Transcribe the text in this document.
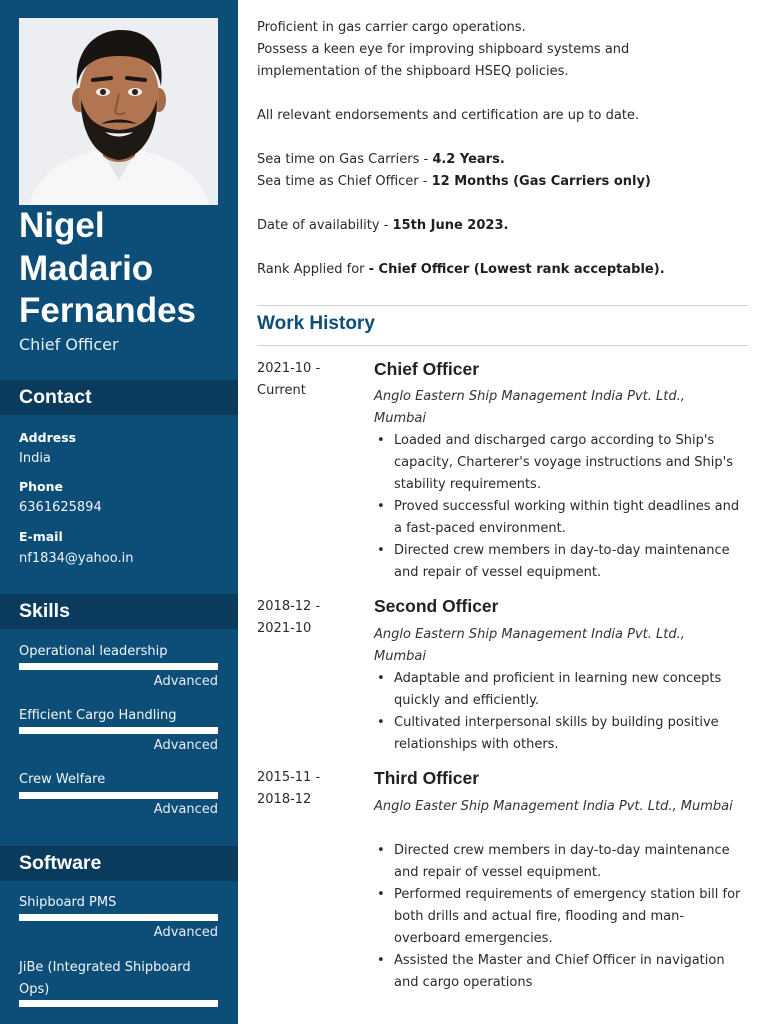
Nigel Madario Fernandes
Chief Officer
Contact
Address
India
Phone
6361625894
E-mail
nf1834@yahoo.in
Skills
Operational leadership
Advanced
Efficient Cargo Handling
Advanced
Crew Welfare
Advanced
Software
Shipboard PMS
Advanced
JiBe (Integrated Shipboard Ops)
Proficient in gas carrier cargo operations.
Possess a keen eye for improving shipboard systems and
implementation of the shipboard HSEQ policies.
All relevant endorsements and certification are up to date.
Sea time on Gas Carriers - 4.2 Years.
Sea time as Chief Officer - 12 Months (Gas Carriers only)
Date of availability - 15th June 2023.
Rank Applied for - Chief Officer (Lowest rank acceptable).
Work History
2021-10 -
Current
Chief Officer
Anglo Eastern Ship Management India Pvt. Ltd., Mumbai
• Loaded and discharged cargo according to Ship's capacity, Charterer's voyage instructions and Ship's stability requirements.
• Proved successful working within tight deadlines and a fast-paced environment.
• Directed crew members in day-to-day maintenance and repair of vessel equipment.
2018-12 -
2021-10
Second Officer
Anglo Eastern Ship Management India Pvt. Ltd., Mumbai
• Adaptable and proficient in learning new concepts quickly and efficiently.
• Cultivated interpersonal skills by building positive relationships with others.
2015-11 -
2018-12
Third Officer
Anglo Easter Ship Management India Pvt. Ltd., Mumbai
• Directed crew members in day-to-day maintenance and repair of vessel equipment.
• Performed requirements of emergency station bill for both drills and actual fire, flooding and man-overboard emergencies.
• Assisted the Master and Chief Officer in navigation and cargo operations
